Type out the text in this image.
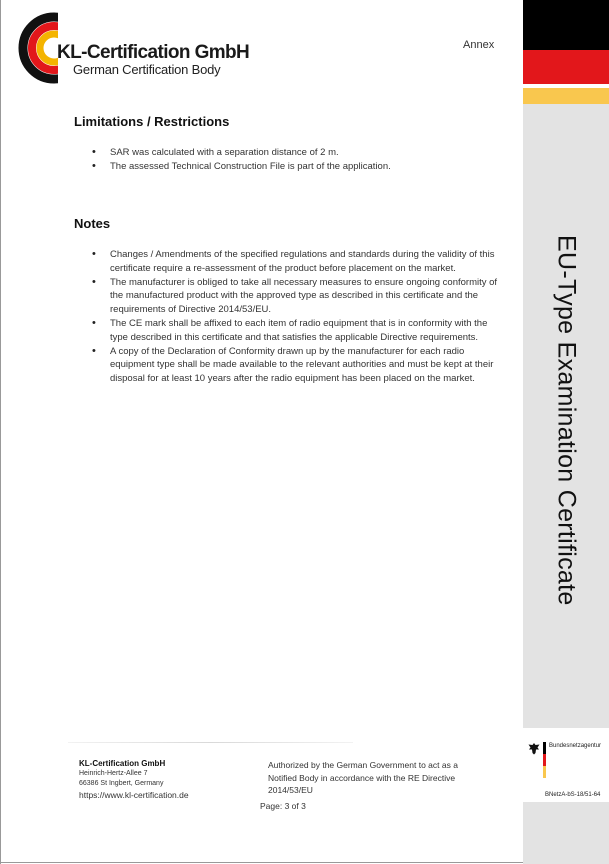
KL-Certification GmbH
German Certification Body
Annex
EU-Type Examination Certificate
Limitations / Restrictions
• SAR was calculated with a separation distance of 2 m.
• The assessed Technical Construction File is part of the application.
Notes
• Changes / Amendments of the specified regulations and standards during the validity of this certificate require a re-assessment of the product before placement on the market.
• The manufacturer is obliged to take all necessary measures to ensure ongoing conformity of the manufactured product with the approved type as described in this certificate and the requirements of Directive 2014/53/EU.
• The CE mark shall be affixed to each item of radio equipment that is in conformity with the type described in this certificate and that satisfies the applicable Directive requirements.
• A copy of the Declaration of Conformity drawn up by the manufacturer for each radio equipment type shall be made available to the relevant authorities and must be kept at their disposal for at least 10 years after the radio equipment has been placed on the market.
KL-Certification GmbH
Heinrich-Hertz-Allee 7
66386 St Ingbert, Germany
https://www.kl-certification.de
Authorized by the German Government to act as a Notified Body in accordance with the RE Directive 2014/53/EU
Page: 3 of 3
Bundesnetzagentur
BNetzA-bS-18/51-64
